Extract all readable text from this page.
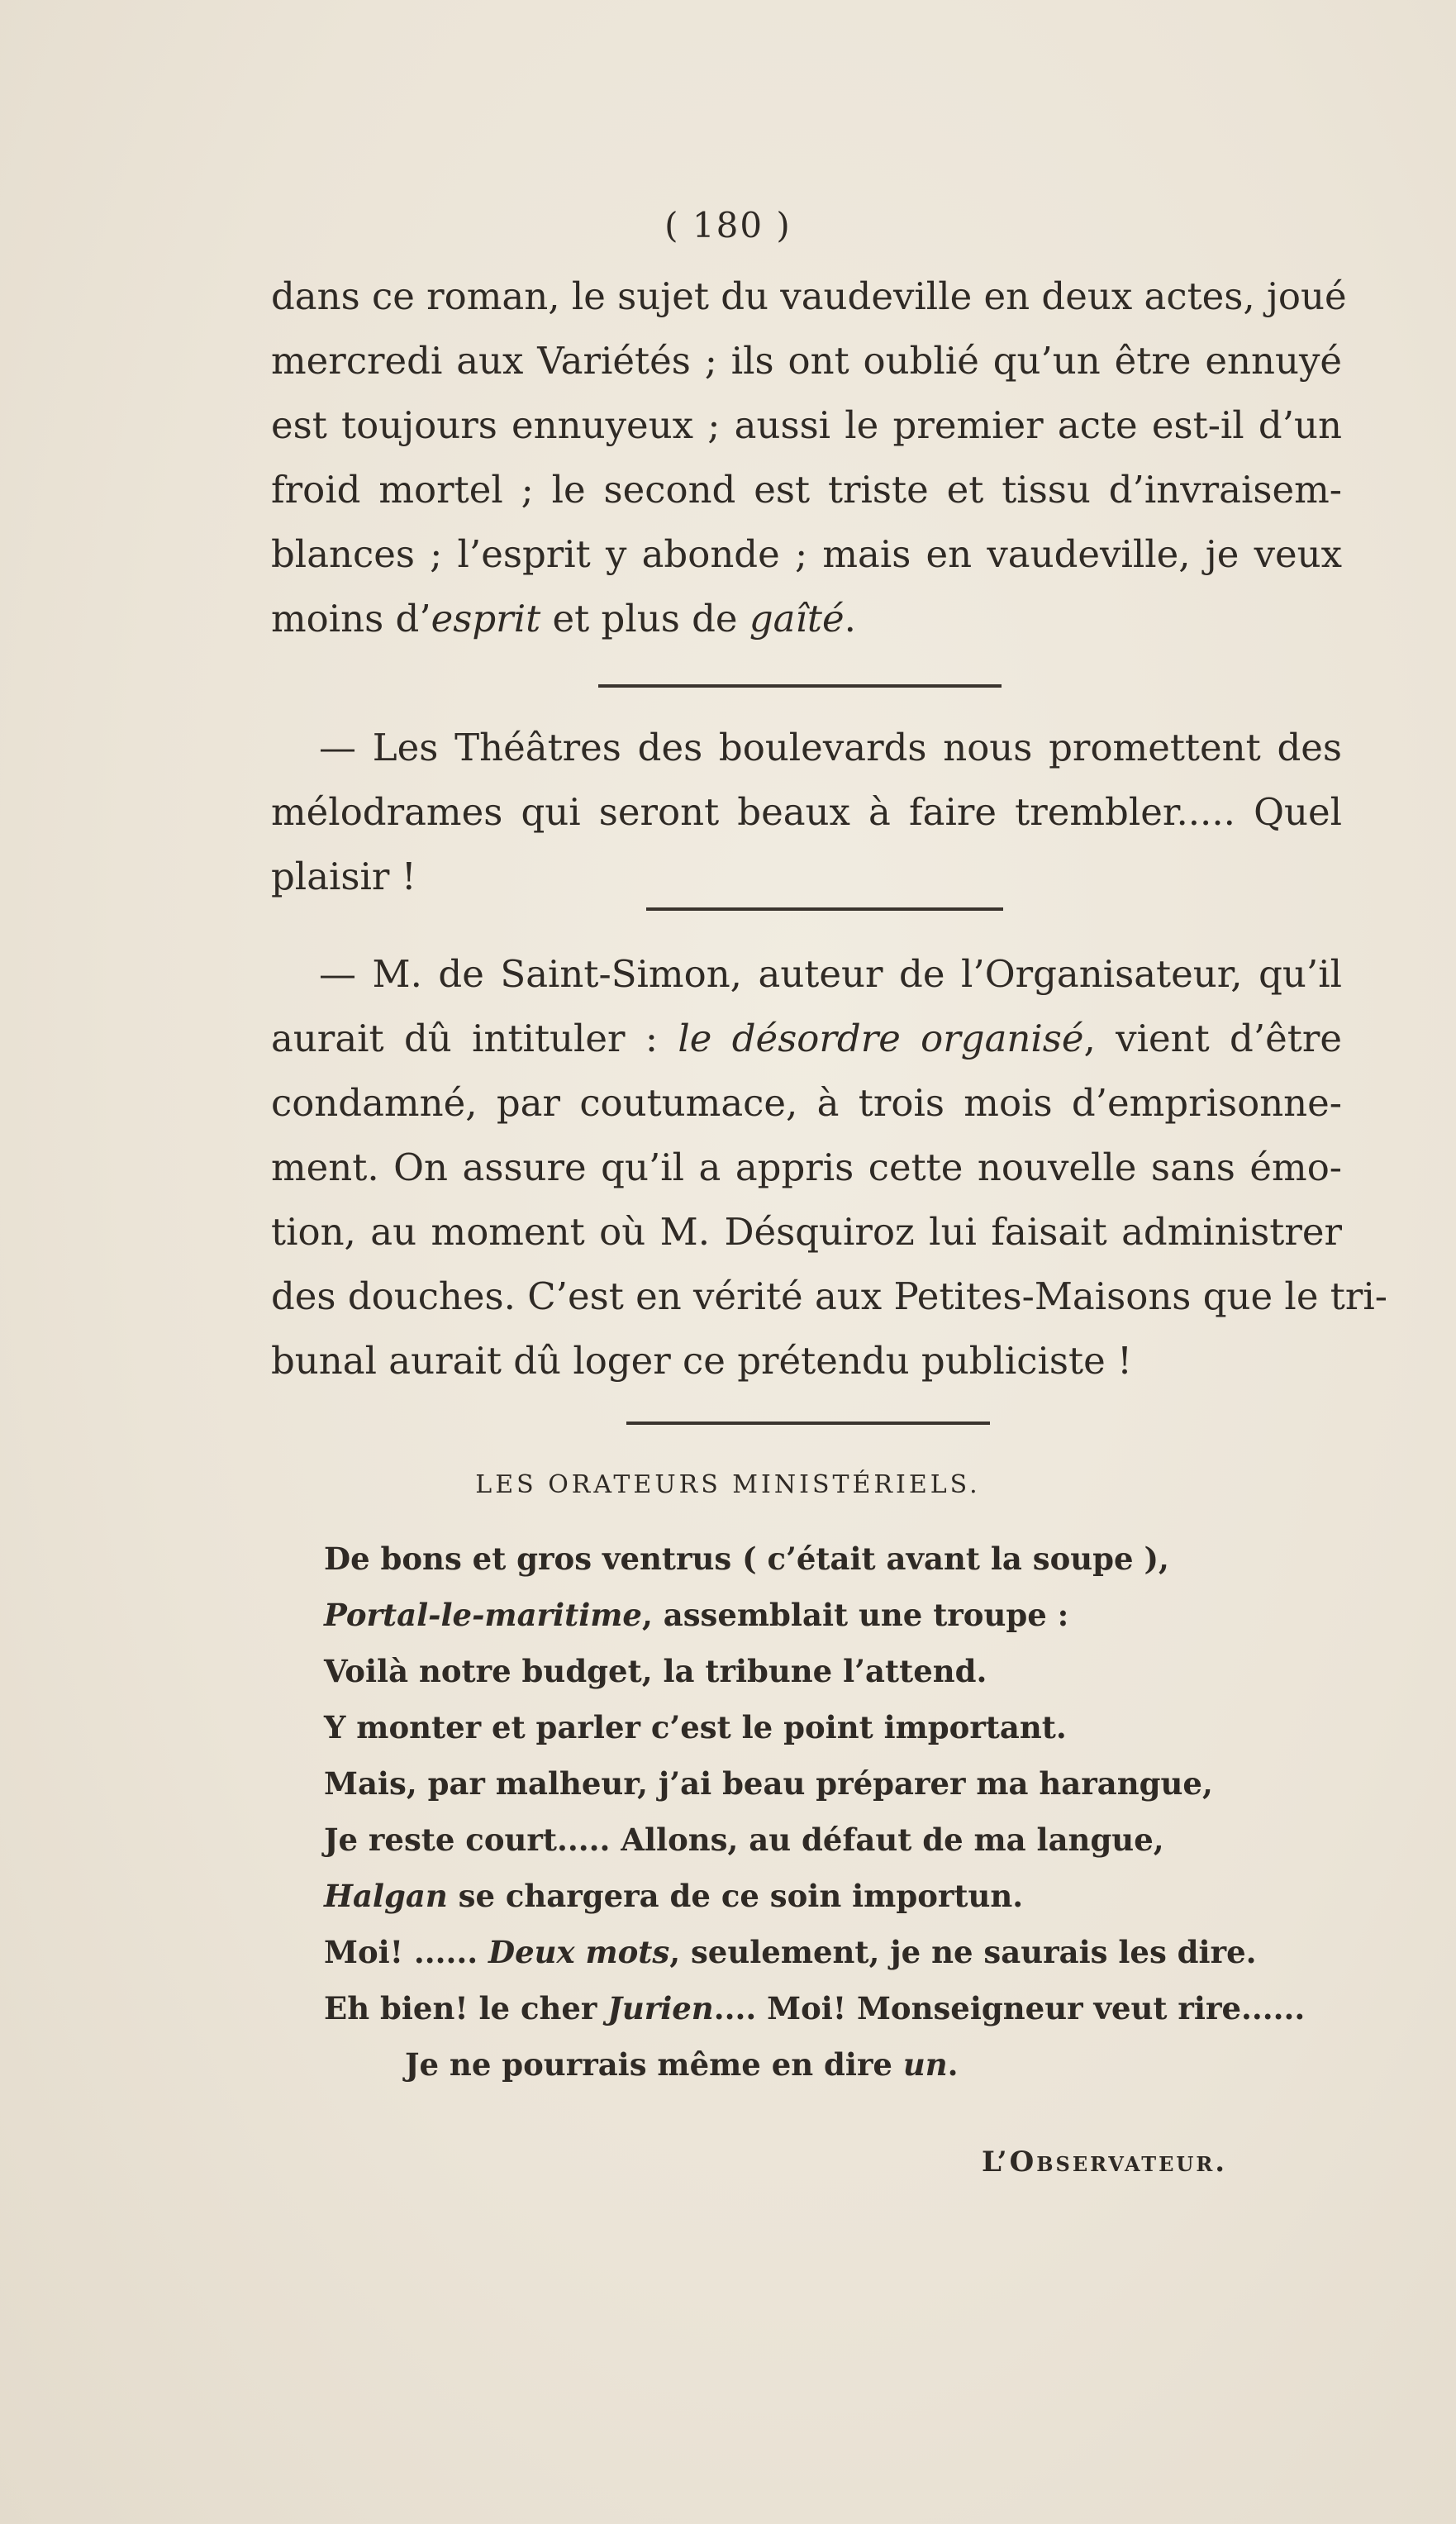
( 180 )

dans ce roman, le sujet du vaudeville en deux actes, joué

mercredi aux Variétés ; ils ont oublié qu’un être ennuyé

est toujours ennuyeux ; aussi le premier acte est-il d’un

froid mortel ; le second est triste et tissu d’invraisem-

blances ; l’esprit y abonde ; mais en vaudeville, je veux

moins d’esprit et plus de gaîté.

— Les Théâtres des boulevards nous promettent des

mélodrames qui seront beaux à faire trembler..... Quel

plaisir !

— M. de Saint-Simon, auteur de l’Organisateur, qu’il

aurait dû intituler : le désordre organisé, vient d’être

condamné, par coutumace, à trois mois d’emprisonne-

ment. On assure qu’il a appris cette nouvelle sans émo-

tion, au moment où M. Désquiroz lui faisait administrer

des douches. C’est en vérité aux Petites-Maisons que le tri-

bunal aurait dû loger ce prétendu publiciste !

LES ORATEURS MINISTÉRIELS.
De bons et gros ventrus ( c’était avant la soupe ),
Portal-le-maritime, assemblait une troupe :
Voilà notre budget, la tribune l’attend.
Y monter et parler c’est le point important.
Mais, par malheur, j’ai beau préparer ma harangue,
Je reste court..... Allons, au défaut de ma langue,
Halgan se chargera de ce soin importun.
Moi! ...... Deux mots, seulement, je ne saurais les dire.
Eh bien! le cher Jurien.... Moi! Monseigneur veut rire......
Je ne pourrais même en dire un.
L’Observateur.
